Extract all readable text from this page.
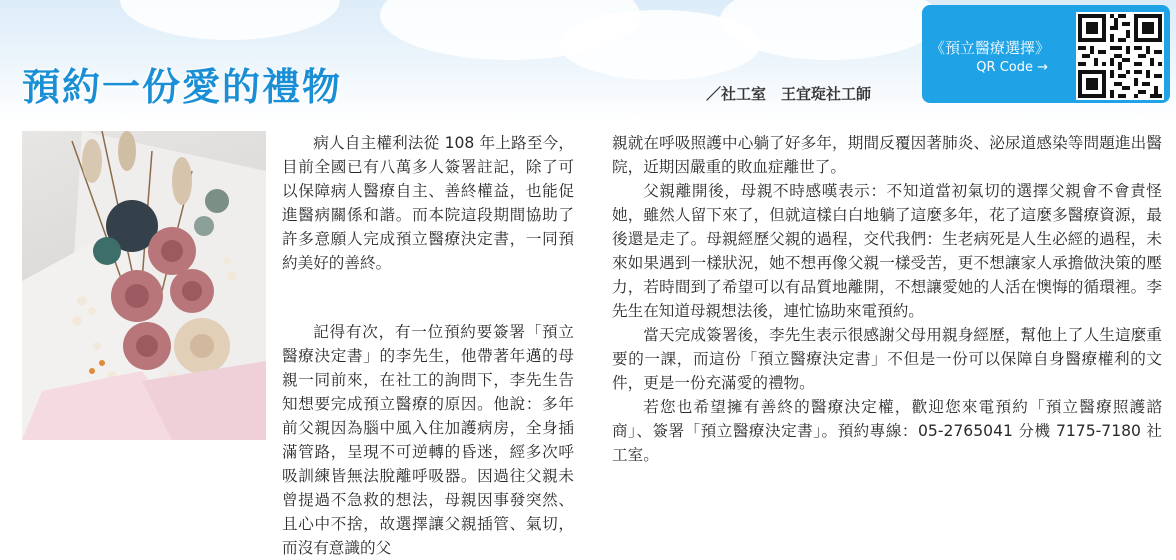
預約一份愛的禮物	／社工室　王宜琁社工師
《預立醫療選擇》
QR Code →

病人自主權利法從 108 年上路至今，目前全國已有八萬多人簽署註記，除了可以保障病人醫療自主、善終權益，也能促進醫病關係和諧。而本院這段期間協助了許多意願人完成預立醫療決定書，一同預約美好的善終。

記得有次，有一位預約要簽署「預立醫療決定書」的李先生，他帶著年邁的母親一同前來，在社工的詢問下，李先生告知想要完成預立醫療的原因。他說：多年前父親因為腦中風入住加護病房，全身插滿管路，呈現不可逆轉的昏迷，經多次呼吸訓練皆無法脫離呼吸器。因過往父親未曾提過不急救的想法，母親因事發突然、且心中不捨，故選擇讓父親插管、氣切，而沒有意識的父

親就在呼吸照護中心躺了好多年，期間反覆因著肺炎、泌尿道感染等問題進出醫院，近期因嚴重的敗血症離世了。

父親離開後，母親不時感嘆表示：不知道當初氣切的選擇父親會不會責怪她，雖然人留下來了，但就這樣白白地躺了這麼多年，花了這麼多醫療資源，最後還是走了。母親經歷父親的過程，交代我們：生老病死是人生必經的過程，未來如果遇到一樣狀況，她不想再像父親一樣受苦，更不想讓家人承擔做決策的壓力，若時間到了希望可以有品質地離開，不想讓愛她的人活在懊悔的循環裡。李先生在知道母親想法後，連忙協助來電預約。

當天完成簽署後，李先生表示很感謝父母用親身經歷，幫他上了人生這麼重要的一課，而這份「預立醫療決定書」不但是一份可以保障自身醫療權利的文件，更是一份充滿愛的禮物。

若您也希望擁有善終的醫療決定權，歡迎您來電預約「預立醫療照護諮商」、簽署「預立醫療決定書」。預約專線：05-2765041 分機 7175-7180 社工室。
